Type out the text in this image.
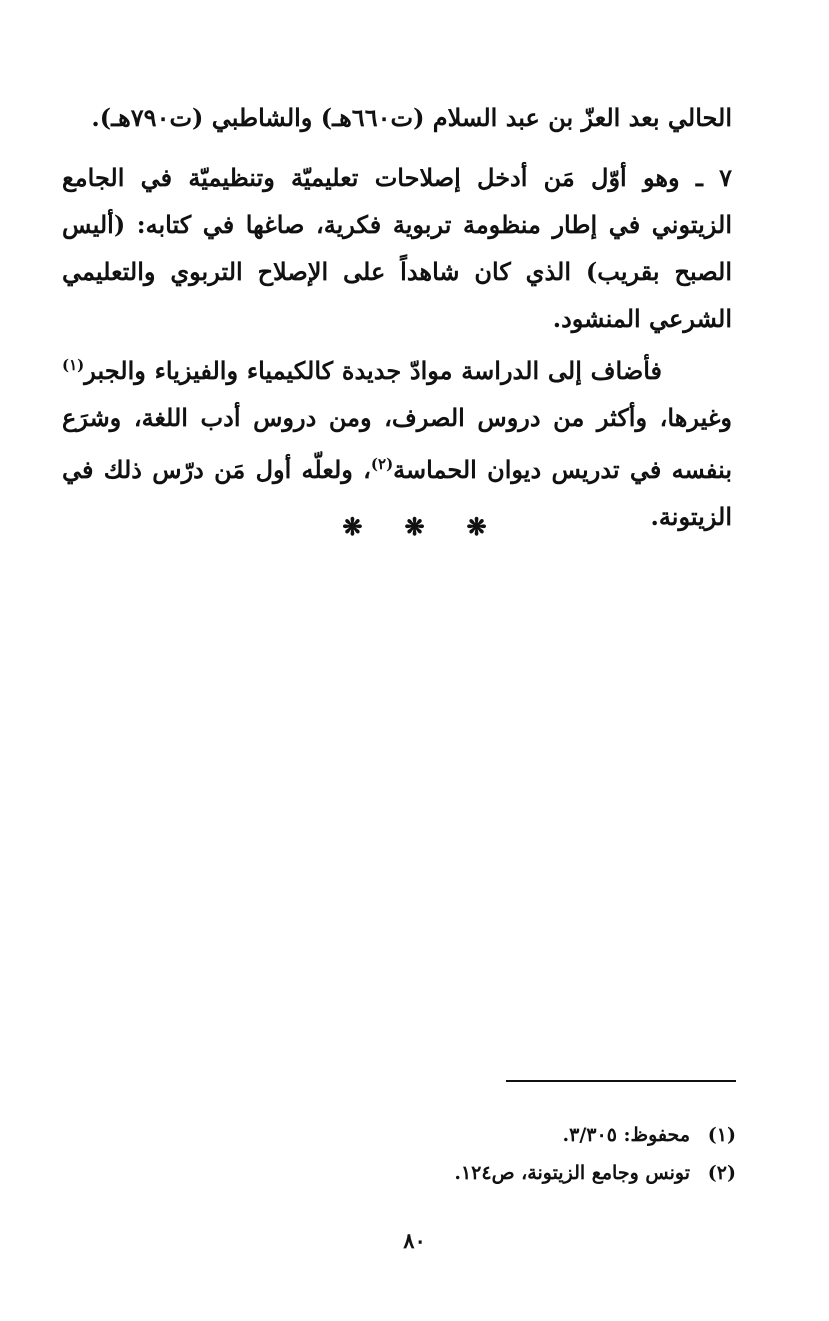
الحالي بعد العزّ بن عبد السلام (ت٦٦٠هـ) والشاطبي (ت٧٩٠هـ).

٧ ـ وهو أوّل مَن أدخل إصلاحات تعليميّة وتنظيميّة في الجامع الزيتوني في إطار منظومة تربوية فكرية، صاغها في كتابه: (أليس الصبح بقريب) الذي كان شاهداً على الإصلاح التربوي والتعليمي الشرعي المنشود.

فأضاف إلى الدراسة موادّ جديدة كالكيمياء والفيزياء والجبر$^{(١)}$ وغيرها، وأكثر من دروس الصرف، ومن دروس أدب اللغة، وشرَع بنفسه في تدريس ديوان الحماسة$^{(٢)}$، ولعلّه أول مَن درّس ذلك في الزيتونة.

❋❋❋
(١)
محفوظ: ٣/٣٠٥.
(٢)
تونس وجامع الزيتونة، ص١٢٤.
٨٠
